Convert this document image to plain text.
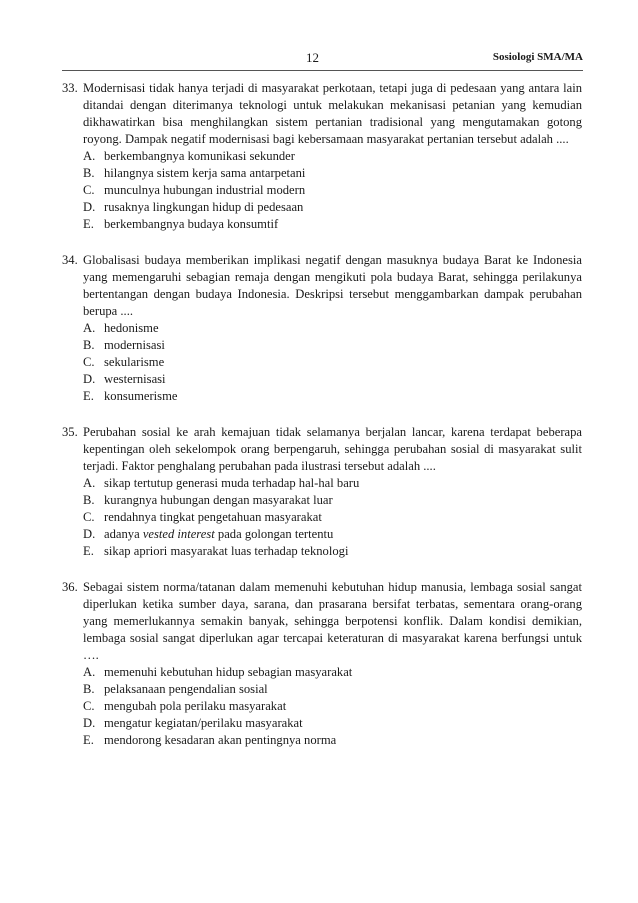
12	Sosiologi SMA/MA
33. Modernisasi tidak hanya terjadi di masyarakat perkotaan, tetapi juga di pedesaan yang antara lain ditandai dengan diterimanya teknologi untuk melakukan mekanisasi petanian yang kemudian dikhawatirkan bisa menghilangkan sistem pertanian tradisional yang mengutamakan gotong royong. Dampak negatif modernisasi bagi kebersamaan masyarakat pertanian tersebut adalah ....
A. berkembangnya komunikasi sekunder
B. hilangnya sistem kerja sama antarpetani
C. munculnya hubungan industrial modern
D. rusaknya lingkungan hidup di pedesaan
E. berkembangnya budaya konsumtif
34. Globalisasi budaya memberikan implikasi negatif dengan masuknya budaya Barat ke Indonesia yang memengaruhi sebagian remaja dengan mengikuti pola budaya Barat, sehingga perilakunya bertentangan dengan budaya Indonesia. Deskripsi tersebut menggambarkan dampak perubahan berupa ....
A. hedonisme
B. modernisasi
C. sekularisme
D. westernisasi
E. konsumerisme
35. Perubahan sosial ke arah kemajuan tidak selamanya berjalan lancar, karena terdapat beberapa kepentingan oleh sekelompok orang berpengaruh, sehingga perubahan sosial di masyarakat sulit terjadi. Faktor penghalang perubahan pada ilustrasi tersebut adalah ....
A. sikap tertutup generasi muda terhadap hal-hal baru
B. kurangnya hubungan dengan masyarakat luar
C. rendahnya tingkat pengetahuan masyarakat
D. adanya vested interest pada golongan tertentu
E. sikap apriori masyarakat luas terhadap teknologi
36. Sebagai sistem norma/tatanan dalam memenuhi kebutuhan hidup manusia, lembaga sosial sangat diperlukan ketika sumber daya, sarana, dan prasarana bersifat terbatas, sementara orang-orang yang memerlukannya semakin banyak, sehingga berpotensi konflik. Dalam kondisi demikian, lembaga sosial sangat diperlukan agar tercapai keteraturan di masyarakat karena berfungsi untuk ….
A. memenuhi kebutuhan hidup sebagian masyarakat
B. pelaksanaan pengendalian sosial
C. mengubah pola perilaku masyarakat
D. mengatur kegiatan/perilaku masyarakat
E. mendorong kesadaran akan pentingnya norma
